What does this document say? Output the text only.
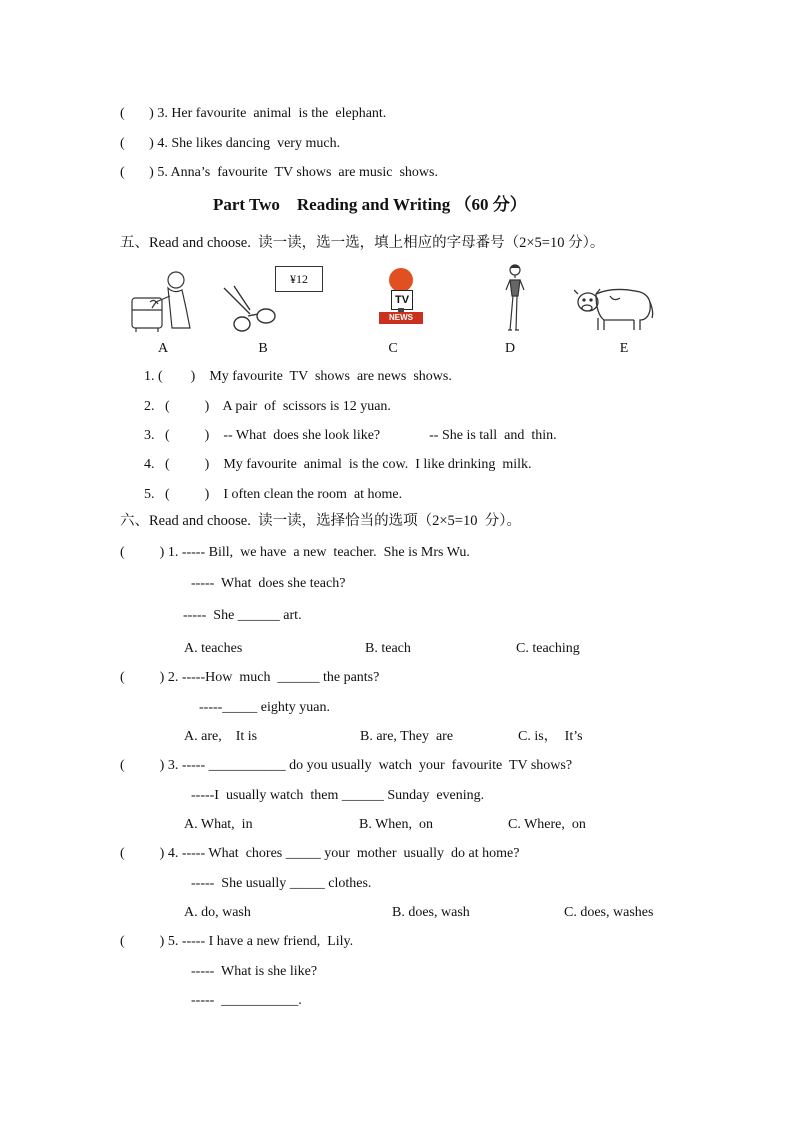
(       ) 3. Her favourite  animal  is the  elephant.
(       ) 4. She likes dancing  very much.
(       ) 5. Anna’s  favourite  TV shows  are music  shows.
Part Two    Reading and Writing （60 分）
五、Read and choose.  读一读，选一选，填上相应的字母番号（2×5=10 分）。
A
¥12
B
TV
NEWS
C	D	E
1. (        )    My favourite  TV  shows  are news  shows.
2.   (          )    A pair  of  scissors is 12 yuan.
3.   (          )    -- What  does she look like?              -- She is tall  and  thin.
4.   (          )    My favourite  animal  is the cow.  I like drinking  milk.
5.   (          )    I often clean the room  at home.
六、Read and choose.  读一读，选择恰当的选项（2×5=10  分）。
(          ) 1. ----- Bill,  we have  a new  teacher.  She is Mrs Wu.
-----  What  does she teach?
-----  She ______ art.
A. teaches	B. teach	C. teaching
(          ) 2. -----How  much  ______ the pants?
-----_____ eighty yuan.
A. are,    It is	B. are, They  are	C. is，  It’s
(          ) 3. ----- ___________ do you usually  watch  your  favourite  TV shows?
-----I  usually watch  them ______ Sunday  evening.
A. What,  in	B. When,  on	C. Where,  on
(          ) 4. ----- What  chores _____ your  mother  usually  do at home?
-----  She usually _____ clothes.
A. do, wash	B. does, wash	C. does, washes
(          ) 5. ----- I have a new friend,  Lily.
-----  What is she like?
-----  ___________.
